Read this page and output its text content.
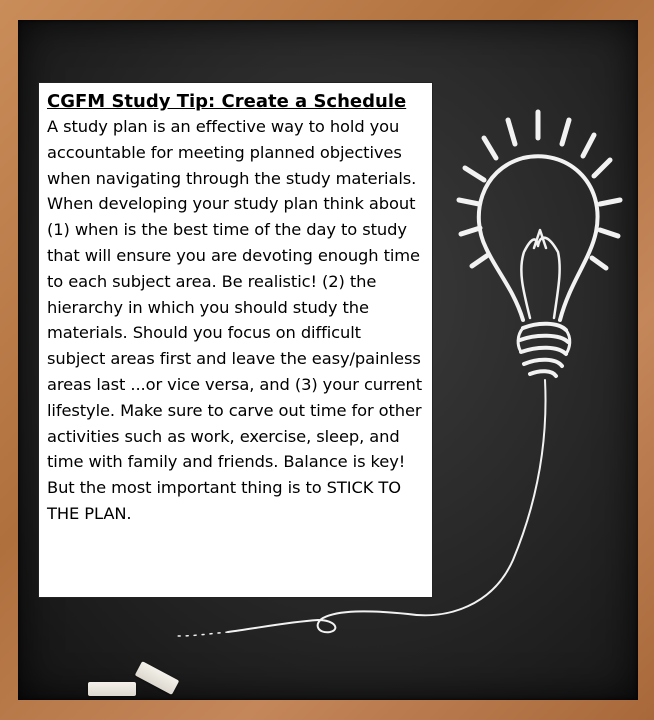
CGFM Study Tip: Create a Schedule

A study plan is an effective way to hold you accountable for meeting planned objectives when navigating through the study materials. When developing your study plan think about (1) when is the best time of the day to study that will ensure you are devoting enough time to each subject area. Be realistic! (2) the hierarchy in which you should study the materials. Should you focus on difficult subject areas first and leave the easy/painless areas last ...or vice versa, and (3) your current lifestyle. Make sure to carve out time for other activities such as work, exercise, sleep, and time with family and friends. Balance is key! But the most important thing is to STICK TO THE PLAN.
